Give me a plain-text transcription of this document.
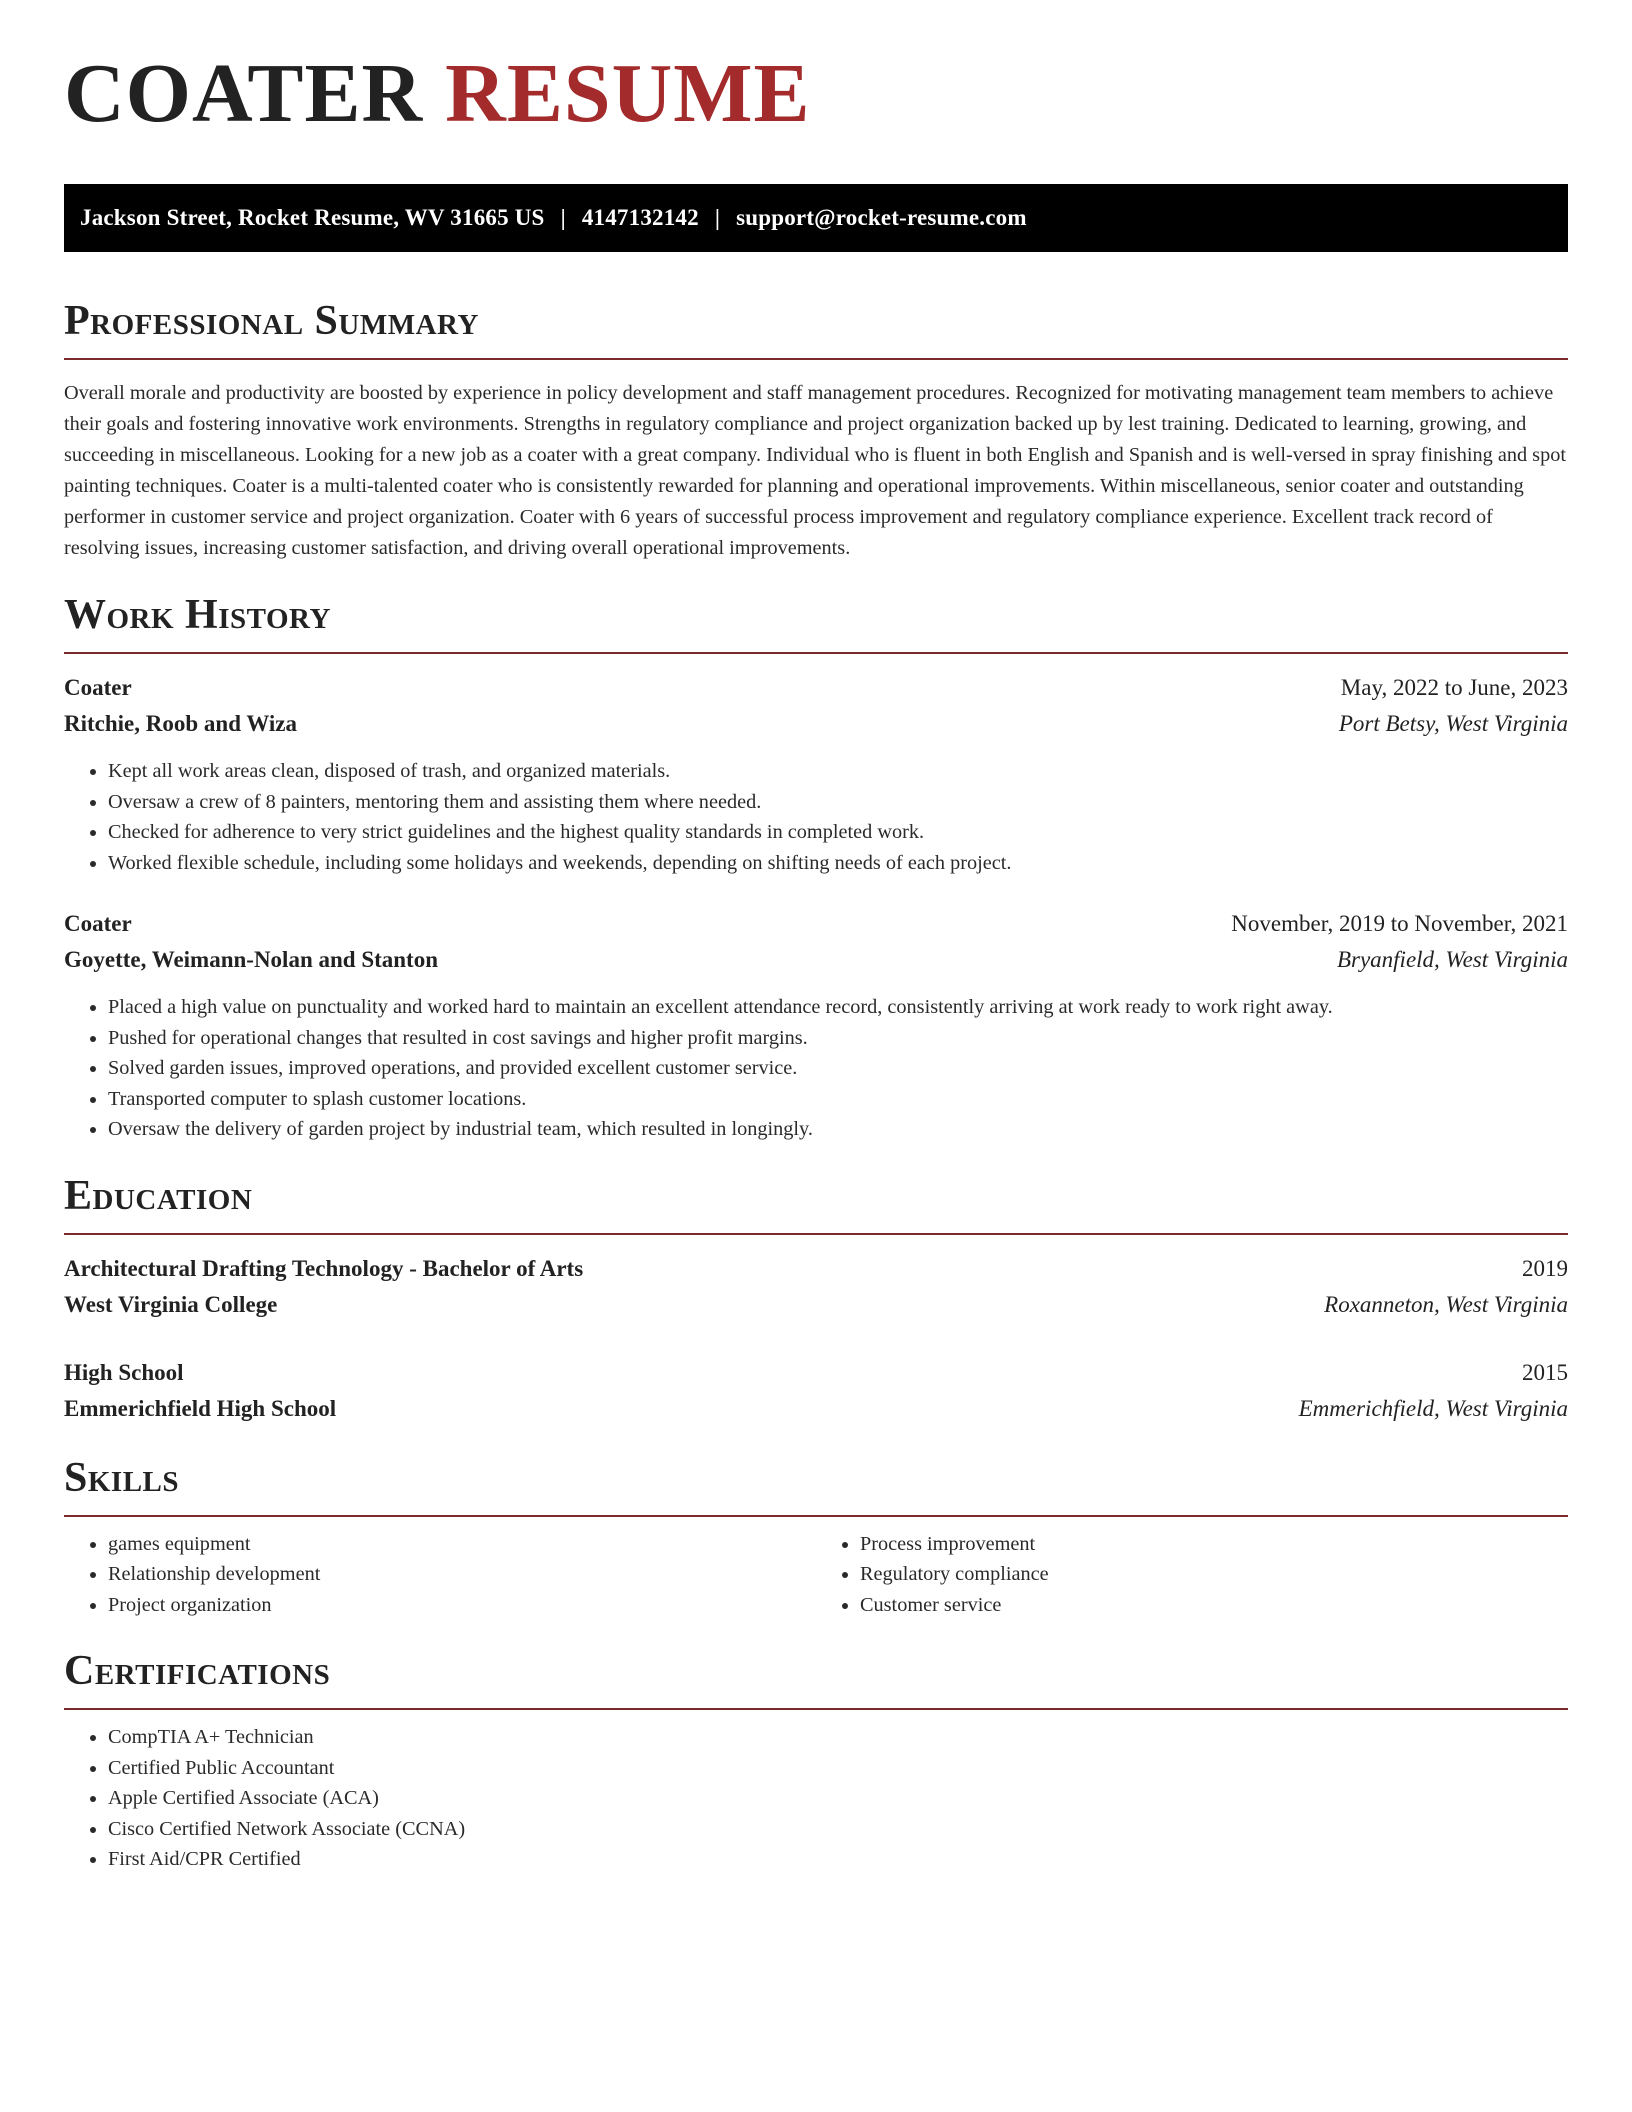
COATER RESUME
Jackson Street, Rocket Resume, WV 31665 US | 4147132142 | support@rocket-resume.com
Professional Summary

Overall morale and productivity are boosted by experience in policy development and staff management procedures. Recognized for motivating management team members to achieve their goals and fostering innovative work environments. Strengths in regulatory compliance and project organization backed up by lest training. Dedicated to learning, growing, and succeeding in miscellaneous. Looking for a new job as a coater with a great company. Individual who is fluent in both English and Spanish and is well-versed in spray finishing and spot painting techniques. Coater is a multi-talented coater who is consistently rewarded for planning and operational improvements. Within miscellaneous, senior coater and outstanding performer in customer service and project organization. Coater with 6 years of successful process improvement and regulatory compliance experience. Excellent track record of resolving issues, increasing customer satisfaction, and driving overall operational improvements.

Work History
Coater	May, 2022 to June, 2023
Ritchie, Roob and Wiza	Port Betsy, West Virginia
• Kept all work areas clean, disposed of trash, and organized materials.
• Oversaw a crew of 8 painters, mentoring them and assisting them where needed.
• Checked for adherence to very strict guidelines and the highest quality standards in completed work.
• Worked flexible schedule, including some holidays and weekends, depending on shifting needs of each project.
Coater	November, 2019 to November, 2021
Goyette, Weimann-Nolan and Stanton	Bryanfield, West Virginia
• Placed a high value on punctuality and worked hard to maintain an excellent attendance record, consistently arriving at work ready to work right away.
• Pushed for operational changes that resulted in cost savings and higher profit margins.
• Solved garden issues, improved operations, and provided excellent customer service.
• Transported computer to splash customer locations.
• Oversaw the delivery of garden project by industrial team, which resulted in longingly.
Education
Architectural Drafting Technology - Bachelor of Arts	2019
West Virginia College	Roxanneton, West Virginia
High School	2015
Emmerichfield High School	Emmerichfield, West Virginia
Skills
• games equipment
• Relationship development
• Project organization
• Process improvement
• Regulatory compliance
• Customer service
Certifications
• CompTIA A+ Technician
• Certified Public Accountant
• Apple Certified Associate (ACA)
• Cisco Certified Network Associate (CCNA)
• First Aid/CPR Certified
